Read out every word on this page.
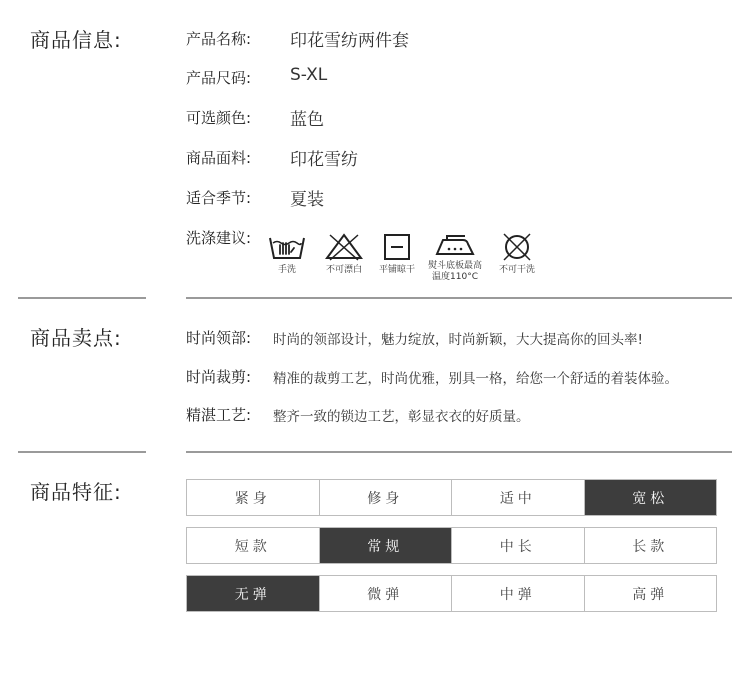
商品信息:	产品名称: 印花雪纺两件套
产品尺码: S-XL
可选颜色: 蓝色
商品面料: 印花雪纺
适合季节: 夏装
洗涤建议:
手洗	不可漂白	平铺晾干	熨斗底板最高
温度110°C
不可干洗
商品卖点:	时尚领部: 时尚的领部设计，魅力绽放，时尚新颖，大大提高你的回头率!
时尚裁剪: 精准的裁剪工艺，时尚优雅，别具一格，给您一个舒适的着装体验。
精湛工艺: 整齐一致的锁边工艺，彰显衣衣的好质量。
商品特征:	紧身	修身	适中	宽松
短款	常规	中长	长款
无弹	微弹	中弹	高弹
